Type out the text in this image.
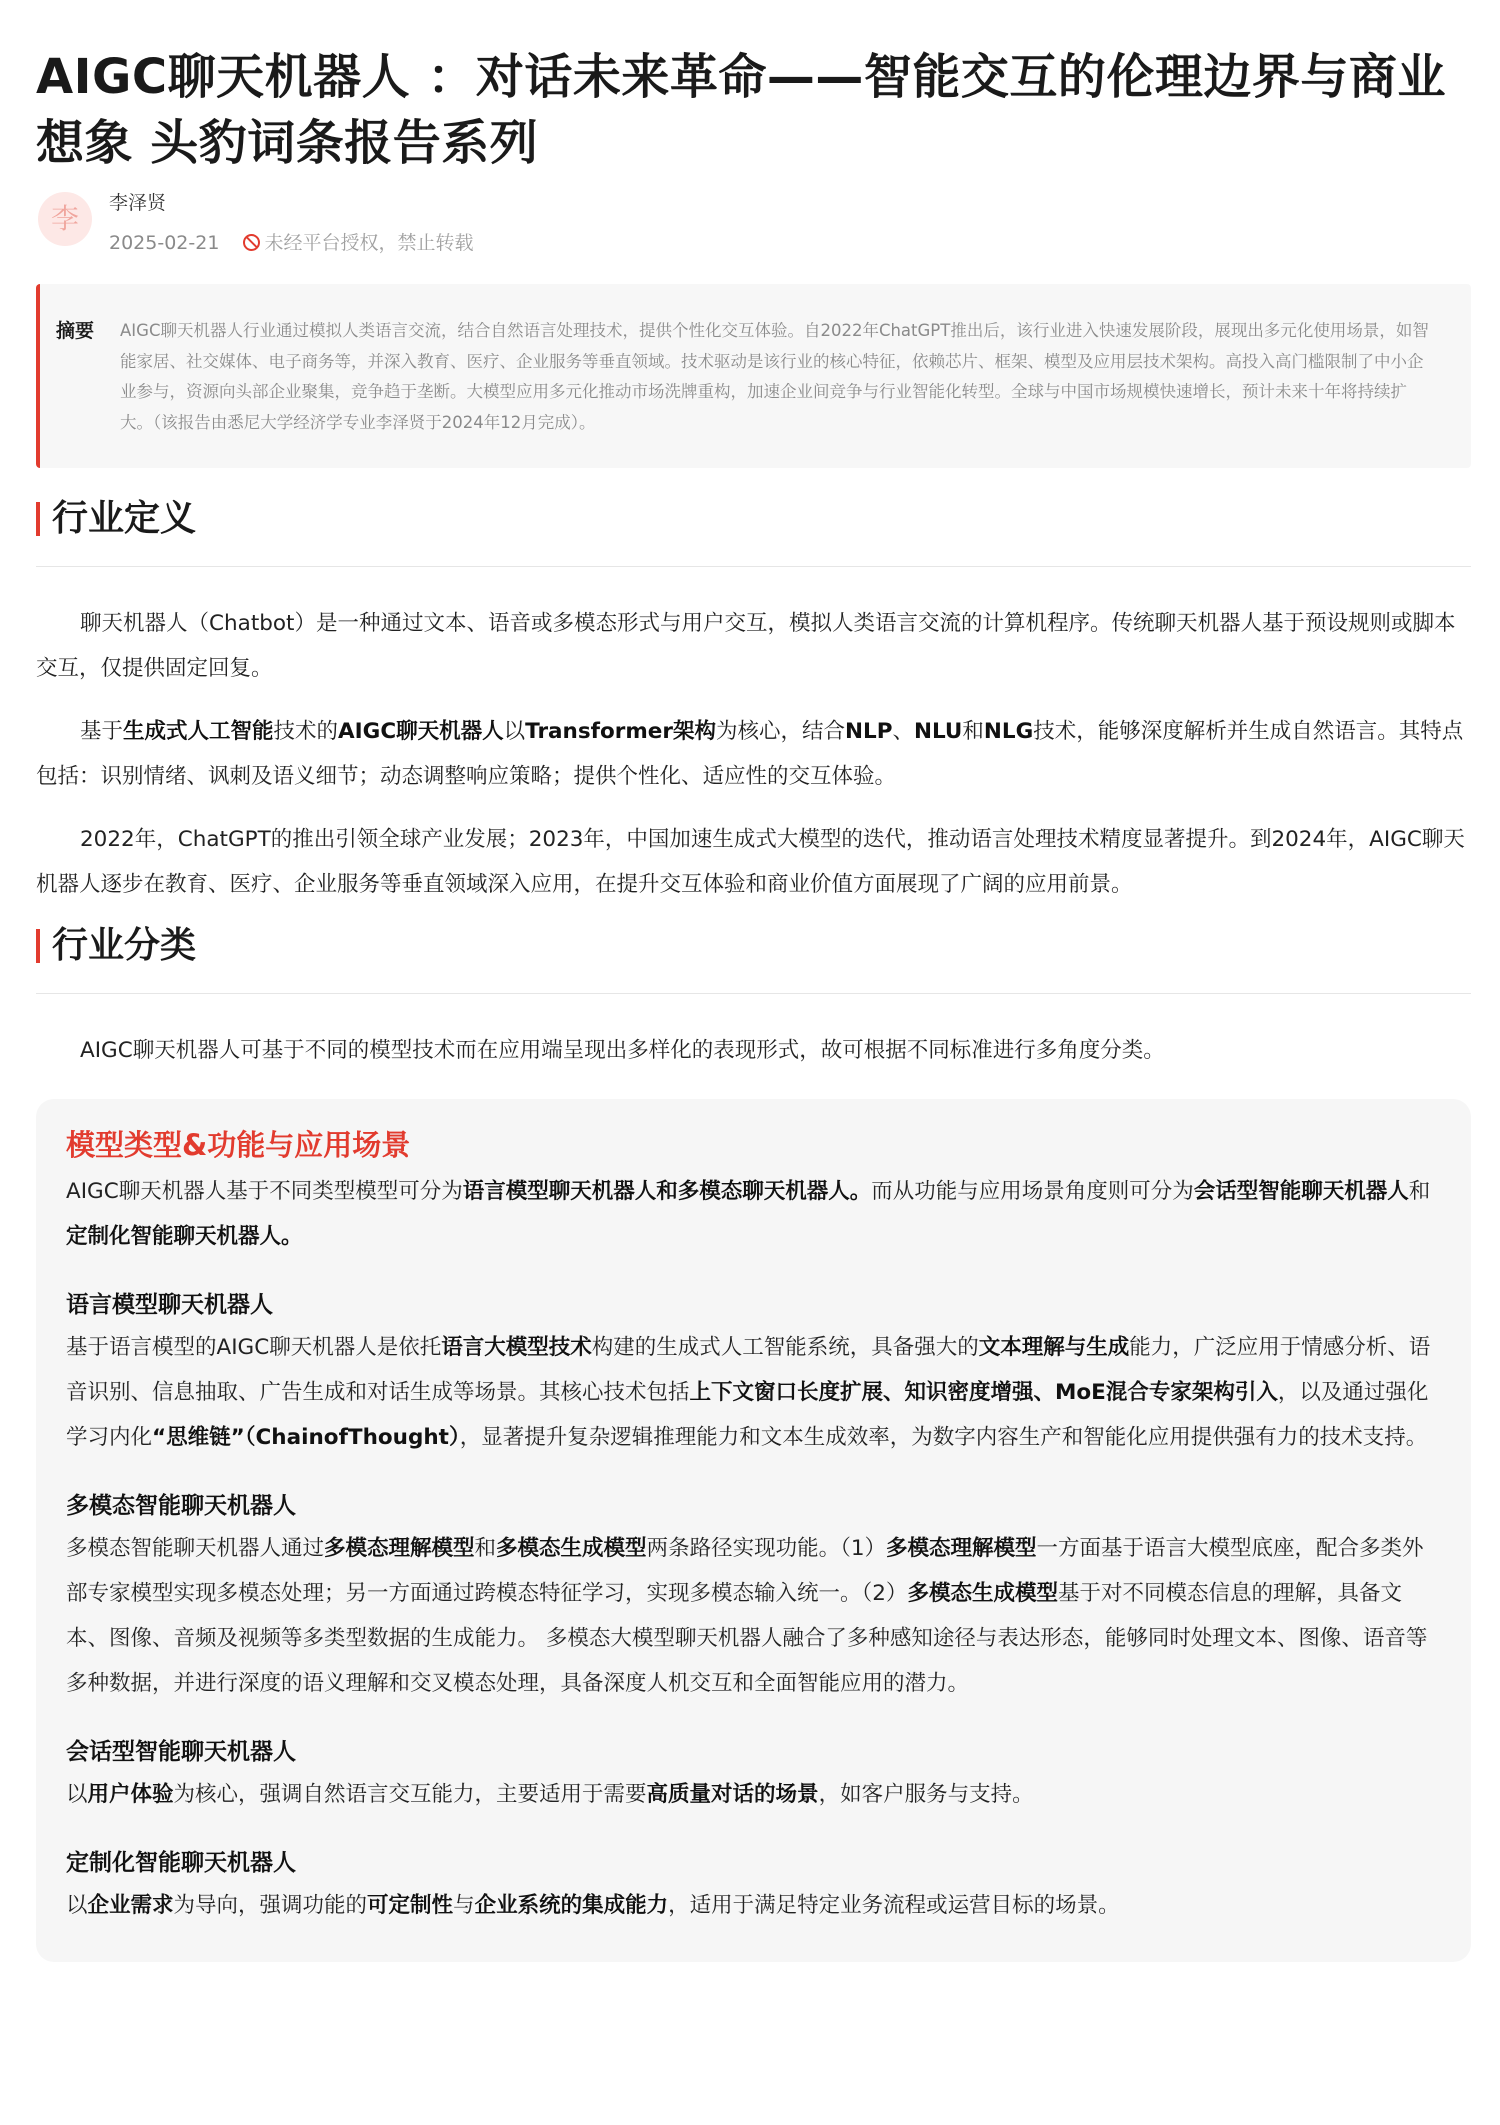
AIGC聊天机器人 ：对话未来革命——智能交互的伦理边界与商业想象 头豹词条报告系列
李	李泽贤
2025-02-21 未经平台授权，禁止转载
摘要	AIGC聊天机器人行业通过模拟人类语言交流，结合自然语言处理技术，提供个性化交互体验。自2022年ChatGPT推出后，该行业进入快速发展阶段，展现出多元化使用场景，如智能家居、社交媒体、电子商务等，并深入教育、医疗、企业服务等垂直领域。技术驱动是该行业的核心特征，依赖芯片、框架、模型及应用层技术架构。高投入高门槛限制了中小企业参与，资源向头部企业聚集，竞争趋于垄断。大模型应用多元化推动市场洗牌重构，加速企业间竞争与行业智能化转型。全球与中国市场规模快速增长，预计未来十年将持续扩大。（该报告由悉尼大学经济学专业李泽贤于2024年12月完成）。
行业定义

聊天机器人（Chatbot）是一种通过文本、语音或多模态形式与用户交互，模拟人类语言交流的计算机程序。传统聊天机器人基于预设规则或脚本交互，仅提供固定回复。

基于生成式人工智能技术的AIGC聊天机器人以Transformer架构为核心，结合NLP、NLU和NLG技术，能够深度解析并生成自然语言。其特点包括：识别情绪、讽刺及语义细节；动态调整响应策略；提供个性化、适应性的交互体验。

2022年，ChatGPT的推出引领全球产业发展；2023年，中国加速生成式大模型的迭代，推动语言处理技术精度显著提升。到2024年，AIGC聊天机器人逐步在教育、医疗、企业服务等垂直领域深入应用，在提升交互体验和商业价值方面展现了广阔的应用前景。

行业分类

AIGC聊天机器人可基于不同的模型技术而在应用端呈现出多样化的表现形式，故可根据不同标准进行多角度分类。

模型类型&功能与应用场景

AIGC聊天机器人基于不同类型模型可分为语言模型聊天机器人和多模态聊天机器人。而从功能与应用场景角度则可分为会话型智能聊天机器人和定制化智能聊天机器人。

语言模型聊天机器人

基于语言模型的AIGC聊天机器人是依托语言大模型技术构建的生成式人工智能系统，具备强大的文本理解与生成能力，广泛应用于情感分析、语音识别、信息抽取、广告生成和对话生成等场景。其核心技术包括上下文窗口长度扩展、知识密度增强、MoE混合专家架构引入，以及通过强化学习内化“思维链”（ChainofThought），显著提升复杂逻辑推理能力和文本生成效率，为数字内容生产和智能化应用提供强有力的技术支持。

多模态智能聊天机器人

多模态智能聊天机器人通过多模态理解模型和多模态生成模型两条路径实现功能。（1）多模态理解模型一方面基于语言大模型底座，配合多类外部专家模型实现多模态处理；另一方面通过跨模态特征学习，实现多模态输入统一。（2）多模态生成模型基于对不同模态信息的理解，具备文本、图像、音频及视频等多类型数据的生成能力。 多模态大模型聊天机器人融合了多种感知途径与表达形态，能够同时处理文本、图像、语音等多种数据，并进行深度的语义理解和交叉模态处理，具备深度人机交互和全面智能应用的潜力。

会话型智能聊天机器人

以用户体验为核心，强调自然语言交互能力，主要适用于需要高质量对话的场景，如客户服务与支持。

定制化智能聊天机器人

以企业需求为导向，强调功能的可定制性与企业系统的集成能力，适用于满足特定业务流程或运营目标的场景。
